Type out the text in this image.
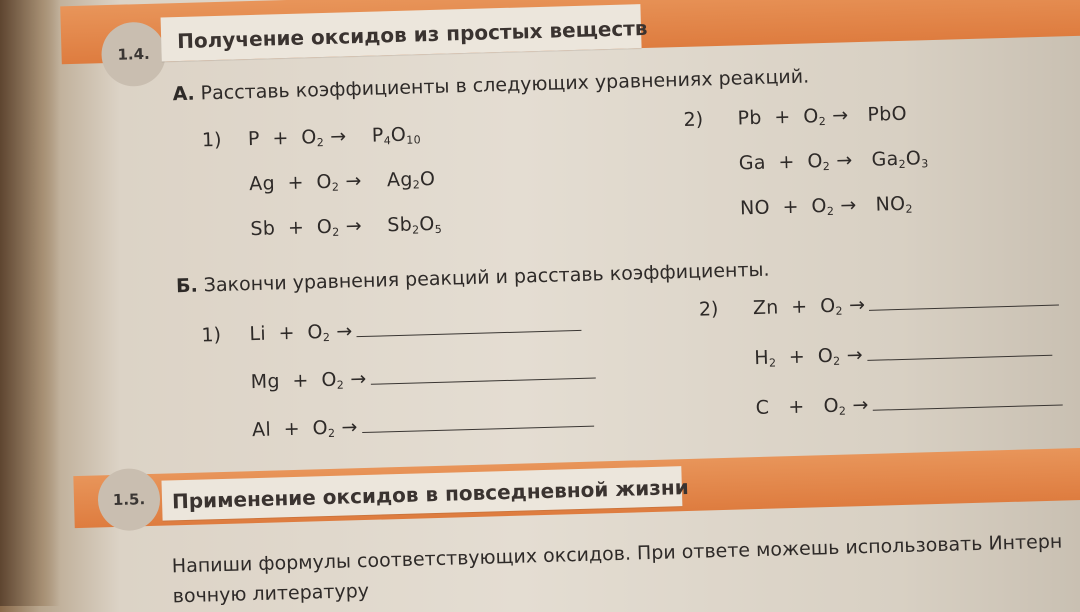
1.4.
Получение оксидов из простых веществ
А. Расставь коэффициенты в следующих уравнениях реакций.
1) $P + O_2 \to P_4O_{10}$
$Ag + O_2 \to Ag_2O$
$Sb + O_2 \to Sb_2O_5$
2) $Pb + O_2$ → PbO
$Ga + O_2 \to Ga_2O_3$
NO + $O_2 \to NO_2$
Б. Закончи уравнения реакций и расставь коэффициенты.
1) $Li + O_2$ →
$Mg + O_2$ →
$Al + O_2$ →
2) $Zn + O_2$ →
$H_2 + O_2$ →
$C + O_2$ →
1.5. Применение оксидов в повседневной жизни
Напиши формулы соответствующих оксидов. При ответе можешь использовать Интерн
вочную литературу
